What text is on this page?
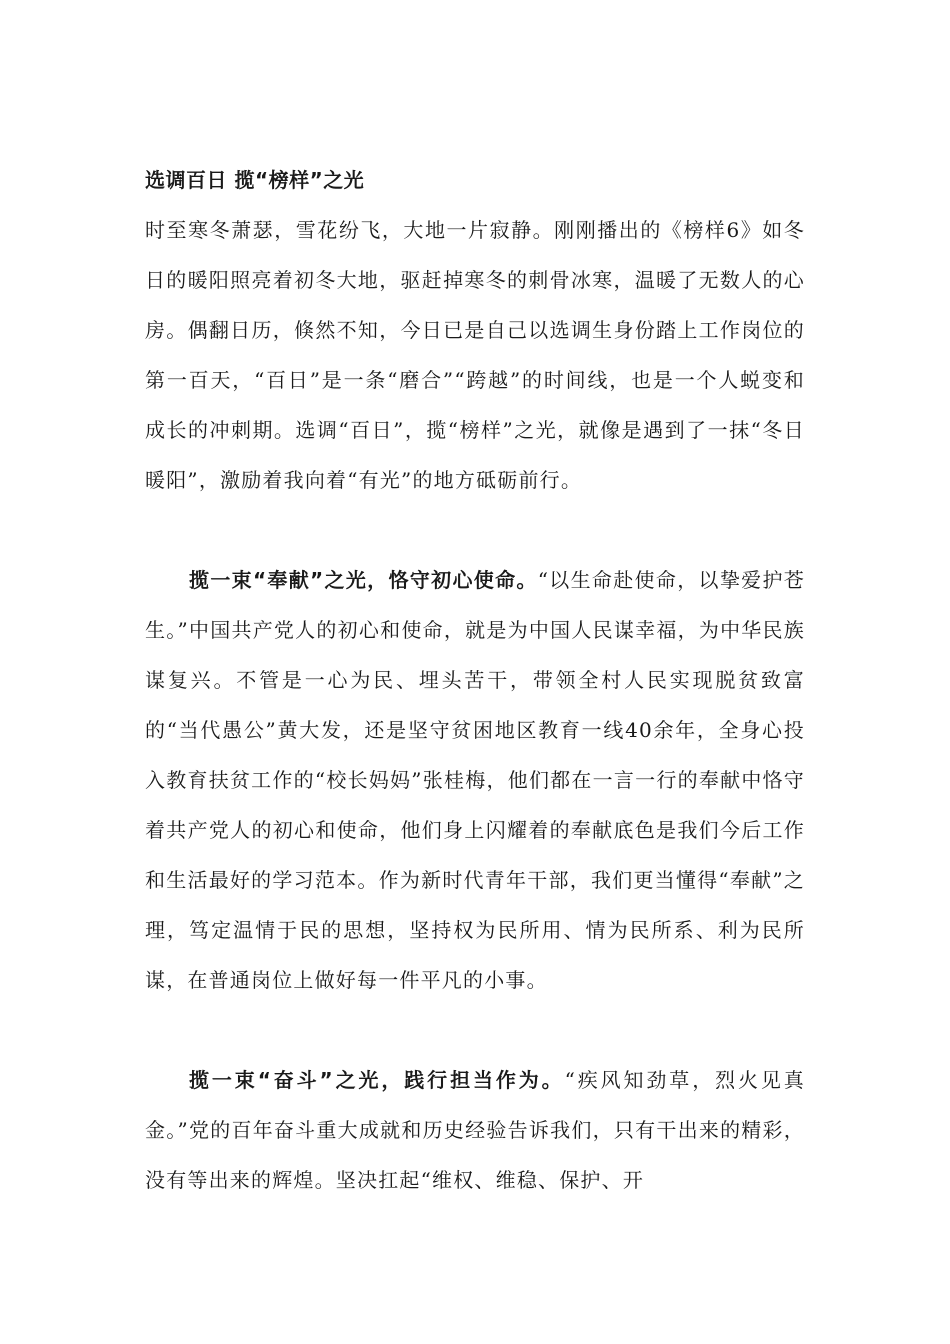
选调百日 揽“榜样”之光

时至寒冬萧瑟，雪花纷飞，大地一片寂静。刚刚播出的《榜样6》如冬日的暖阳照亮着初冬大地，驱赶掉寒冬的刺骨冰寒，温暖了无数人的心房。偶翻日历，倏然不知，今日已是自己以选调生身份踏上工作岗位的第一百天，“百日”是一条“磨合”“跨越”的时间线，也是一个人蜕变和成长的冲刺期。选调“百日”，揽“榜样”之光，就像是遇到了一抹“冬日暖阳”，激励着我向着“有光”的地方砥砺前行。

揽一束“奉献”之光，恪守初心使命。“以生命赴使命，以挚爱护苍生。”中国共产党人的初心和使命，就是为中国人民谋幸福，为中华民族谋复兴。不管是一心为民、埋头苦干，带领全村人民实现脱贫致富的“当代愚公”黄大发，还是坚守贫困地区教育一线40余年，全身心投入教育扶贫工作的“校长妈妈”张桂梅，他们都在一言一行的奉献中恪守着共产党人的初心和使命，他们身上闪耀着的奉献底色是我们今后工作和生活最好的学习范本。作为新时代青年干部，我们更当懂得“奉献”之理，笃定温情于民的思想，坚持权为民所用、情为民所系、利为民所谋，在普通岗位上做好每一件平凡的小事。

揽一束“奋斗”之光，践行担当作为。“疾风知劲草，烈火见真金。”党的百年奋斗重大成就和历史经验告诉我们，只有干出来的精彩，没有等出来的辉煌。坚决扛起“维权、维稳、保护、开
